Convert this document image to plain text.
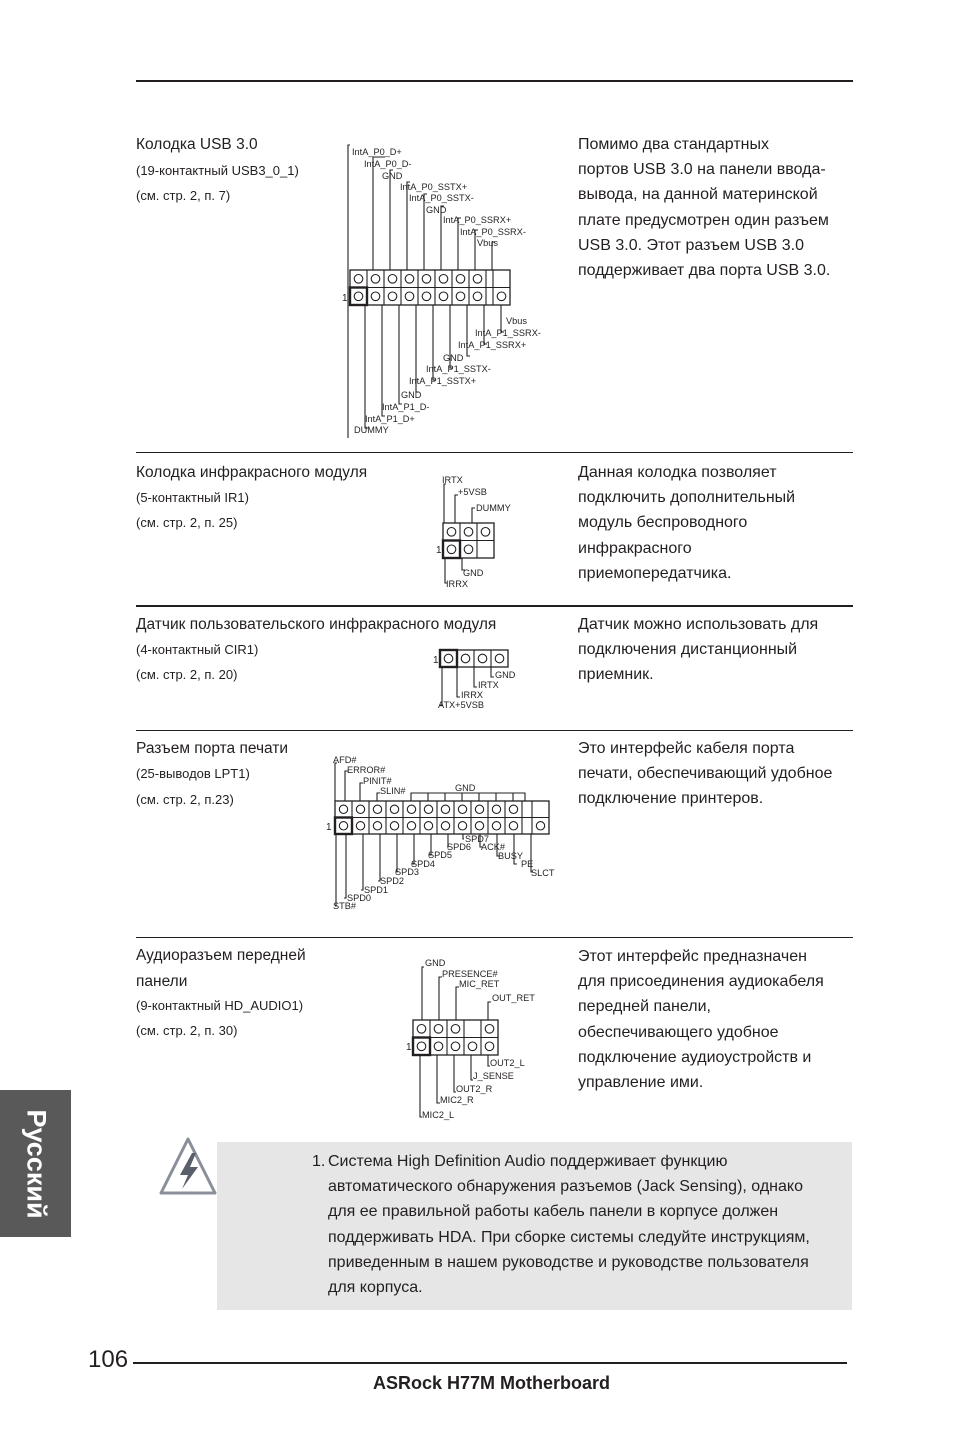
Колодка USB 3.0
(19-контактный USB3_0_1)
(см. стр. 2, п. 7)
1
IntA_P0_D+
IntA_P0_D-
GND
IntA_P0_SSTX+
IntA_P0_SSTX-
GND
IntA_P0_SSRX+
IntA_P0_SSRX-
Vbus
Vbus
IntA_P1_SSRX-
IntA_P1_SSRX+
GND
IntA_P1_SSTX-
IntA_P1_SSTX+
GND
IntA_P1_D-
IntA_P1_D+
DUMMY

Помимо два стандартных

портов USB 3.0 на панели ввода-

вывода, на данной материнской

плате предусмотрен один разъем

USB 3.0. Этот разъем USB 3.0

поддерживает два порта USB 3.0.

Колодка инфракрасного модуля
(5-контактный IR1)
(см. стр. 2, п. 25)
1
IRTX
+5VSB
DUMMY
GND
IRRX

Данная колодка позволяет

подключить дополнительный

модуль беспроводного

инфракрасного

приемопередатчика.

Датчик пользовательского инфракрасного модуля
(4-контактный CIR1)
(см. стр. 2, п. 20)
1
GND
IRTX
IRRX
ATX+5VSB

Датчик можно использовать для

подключения дистанционный

приемник.

Разъем порта печати
(25-выводов LPT1)
(см. стр. 2, п.23)
1
AFD#
ERROR#
PINIT#
SLIN#	GND
SPD7
SPD6 ACK#
SPD5	BUSY
SPD4	PE
SPD3	SLCT
SPD2
SPD1
SPD0
STB#

Это интерфейс кабеля порта

печати, обеспечивающий удобное

подключение принтеров.

Аудиоразъем передней
панели
(9-контактный HD_AUDIO1)
(см. стр. 2, п. 30)
1
GND
PRESENCE#
MIC_RET
OUT_RET
OUT2_L
J_SENSE
OUT2_R
MIC2_R
MIC2_L

Этот интерфейс предназначен

для присоединения аудиокабеля

передней панели,

обеспечивающего удобное

подключение аудиоустройств и

управление ими.

Русский	1. Система High Definition Audio поддерживает функцию

автоматического обнаружения разъемов (Jack Sensing), однако

для ее правильной работы кабель панели в корпусе должен

поддерживать HDA. При сборке системы следуйте инструкциям,

приведенным в нашем руководстве и руководстве пользователя

для корпуса.

106
ASRock H77M Motherboard
